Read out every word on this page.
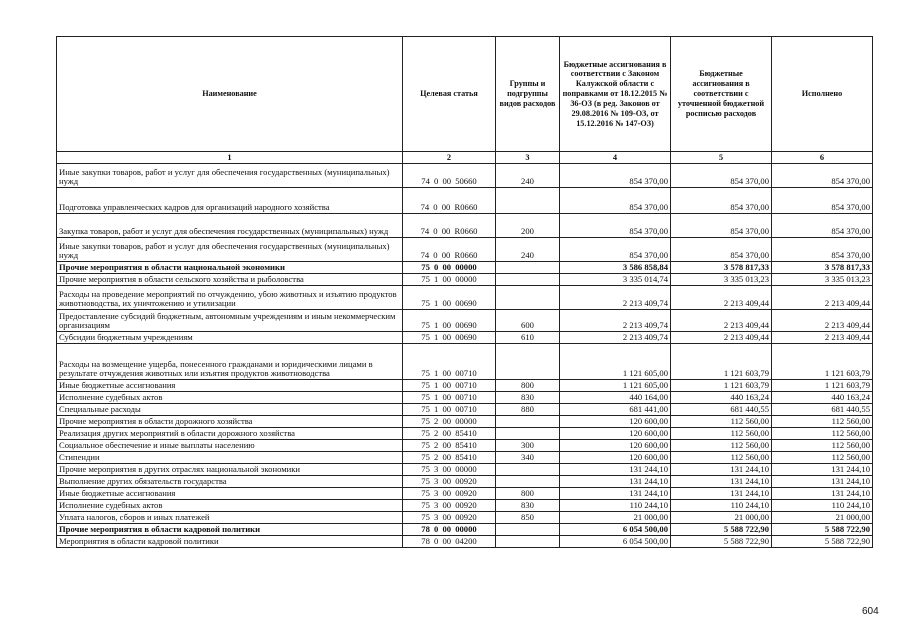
Наименование	Целевая статья	Группы и подгруппы видов расходов	Бюджетные ассигнования в соответствии с Законом Калужской области с поправками от 18.12.2015 № 36-ОЗ (в ред. Законов от 29.08.2016 № 109-ОЗ, от 15.12.2016 № 147-ОЗ)	Бюджетные ассигнования в соответствии с уточненной бюджетной росписью расходов	Исполнено
1	2	3	4	5	6
Иные закупки товаров, работ и услуг для обеспечения государственных (муниципальных) нужд	74 0 00 50660	240	854 370,00	854 370,00	854 370,00
Подготовка управленческих кадров для организаций народного хозяйства	74 0 00 R0660		854 370,00	854 370,00	854 370,00
Закупка товаров, работ и услуг для обеспечения государственных (муниципальных) нужд	74 0 00 R0660	200	854 370,00	854 370,00	854 370,00
Иные закупки товаров, работ и услуг для обеспечения государственных (муниципальных) нужд	74 0 00 R0660	240	854 370,00	854 370,00	854 370,00
Прочие мероприятия в области национальной экономики	75 0 00 00000		3 586 858,84	3 578 817,33	3 578 817,33
Прочие мероприятия в области сельского хозяйства и рыболовства	75 1 00 00000		3 335 014,74	3 335 013,23	3 335 013,23
Расходы на проведение мероприятий по отчуждению, убою животных и изъятию продуктов животноводства, их уничтожению и утилизации	75 1 00 00690		2 213 409,74	2 213 409,44	2 213 409,44
Предоставление субсидий бюджетным, автономным учреждениям и иным некоммерческим организациям	75 1 00 00690	600	2 213 409,74	2 213 409,44	2 213 409,44
Субсидии бюджетным учреждениям	75 1 00 00690	610	2 213 409,74	2 213 409,44	2 213 409,44
Расходы на возмещение ущерба, понесенного гражданами и юридическими лицами в результате отчуждения животных или изъятия продуктов животноводства	75 1 00 00710		1 121 605,00	1 121 603,79	1 121 603,79
Иные бюджетные ассигнования	75 1 00 00710	800	1 121 605,00	1 121 603,79	1 121 603,79
Исполнение судебных актов	75 1 00 00710	830	440 164,00	440 163,24	440 163,24
Специальные расходы	75 1 00 00710	880	681 441,00	681 440,55	681 440,55
Прочие мероприятия в области дорожного хозяйства	75 2 00 00000		120 600,00	112 560,00	112 560,00
Реализация других мероприятий в области дорожного хозяйства	75 2 00 85410		120 600,00	112 560,00	112 560,00
Социальное обеспечение и иные выплаты населению	75 2 00 85410	300	120 600,00	112 560,00	112 560,00
Стипендии	75 2 00 85410	340	120 600,00	112 560,00	112 560,00
Прочие мероприятия в других отраслях национальной экономики	75 3 00 00000		131 244,10	131 244,10	131 244,10
Выполнение других обязательств государства	75 3 00 00920		131 244,10	131 244,10	131 244,10
Иные бюджетные ассигнования	75 3 00 00920	800	131 244,10	131 244,10	131 244,10
Исполнение судебных актов	75 3 00 00920	830	110 244,10	110 244,10	110 244,10
Уплата налогов, сборов и иных платежей	75 3 00 00920	850	21 000,00	21 000,00	21 000,00
Прочие мероприятия в области кадровой политики	78 0 00 00000		6 054 500,00	5 588 722,90	5 588 722,90
Мероприятия в области кадровой политики	78 0 00 04200		6 054 500,00	5 588 722,90	5 588 722,90
604
